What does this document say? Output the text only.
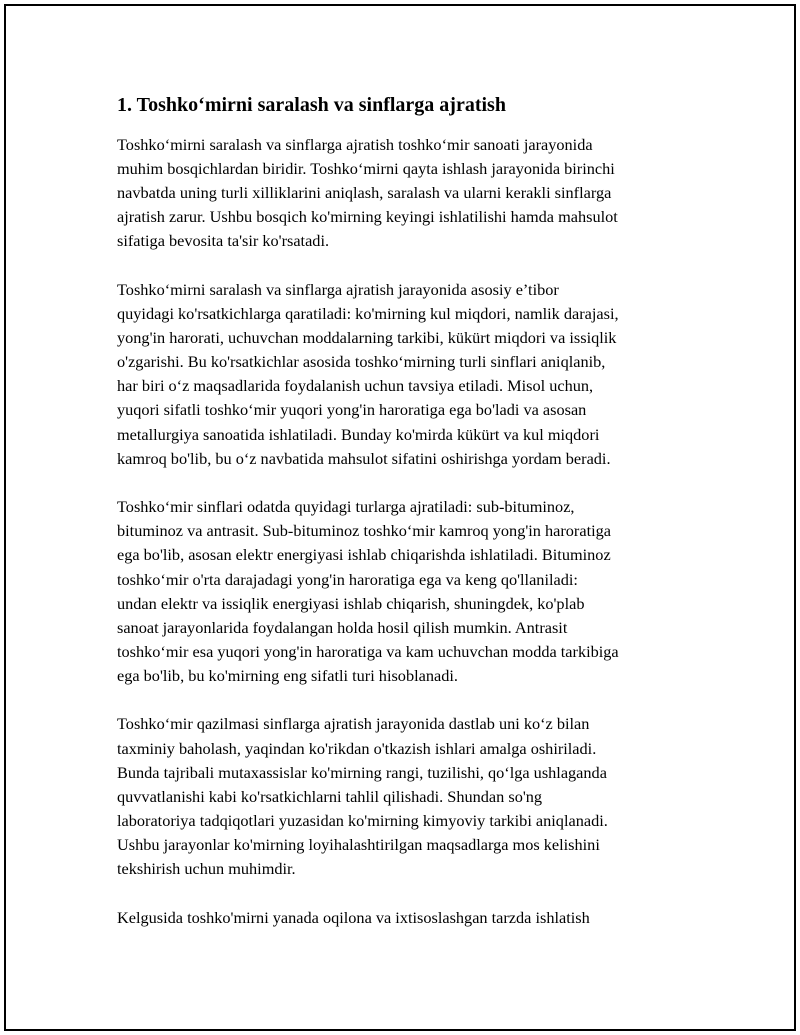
1. Toshko‘mirni saralash va sinflarga ajratish

Toshko‘mirni saralash va sinflarga ajratish toshko‘mir sanoati jarayonida
muhim bosqichlardan biridir. Toshko‘mirni qayta ishlash jarayonida birinchi
navbatda uning turli xilliklarini aniqlash, saralash va ularni kerakli sinflarga
ajratish zarur. Ushbu bosqich ko'mirning keyingi ishlatilishi hamda mahsulot
sifatiga bevosita ta'sir ko'rsatadi.

Toshko‘mirni saralash va sinflarga ajratish jarayonida asosiy e’tibor
quyidagi ko'rsatkichlarga qaratiladi: ko'mirning kul miqdori, namlik darajasi,
yong'in harorati, uchuvchan moddalarning tarkibi, kükürt miqdori va issiqlik
o'zgarishi. Bu ko'rsatkichlar asosida toshko‘mirning turli sinflari aniqlanib,
har biri o‘z maqsadlarida foydalanish uchun tavsiya etiladi. Misol uchun,
yuqori sifatli toshko‘mir yuqori yong'in haroratiga ega bo'ladi va asosan
metallurgiya sanoatida ishlatiladi. Bunday ko'mirda kükürt va kul miqdori
kamroq bo'lib, bu o‘z navbatida mahsulot sifatini oshirishga yordam beradi.

Toshko‘mir sinflari odatda quyidagi turlarga ajratiladi: sub-bituminoz,
bituminoz va antrasit. Sub-bituminoz toshko‘mir kamroq yong'in haroratiga
ega bo'lib, asosan elektr energiyasi ishlab chiqarishda ishlatiladi. Bituminoz
toshko‘mir o'rta darajadagi yong'in haroratiga ega va keng qo'llaniladi:
undan elektr va issiqlik energiyasi ishlab chiqarish, shuningdek, ko'plab
sanoat jarayonlarida foydalangan holda hosil qilish mumkin. Antrasit
toshko‘mir esa yuqori yong'in haroratiga va kam uchuvchan modda tarkibiga
ega bo'lib, bu ko'mirning eng sifatli turi hisoblanadi.

Toshko‘mir qazilmasi sinflarga ajratish jarayonida dastlab uni ko‘z bilan
taxminiy baholash, yaqindan ko'rikdan o'tkazish ishlari amalga oshiriladi.
Bunda tajribali mutaxassislar ko'mirning rangi, tuzilishi, qo‘lga ushlaganda
quvvatlanishi kabi ko'rsatkichlarni tahlil qilishadi. Shundan so'ng
laboratoriya tadqiqotlari yuzasidan ko'mirning kimyoviy tarkibi aniqlanadi.
Ushbu jarayonlar ko'mirning loyihalashtirilgan maqsadlarga mos kelishini
tekshirish uchun muhimdir.

Kelgusida toshko'mirni yanada oqilona va ixtisoslashgan tarzda ishlatish
